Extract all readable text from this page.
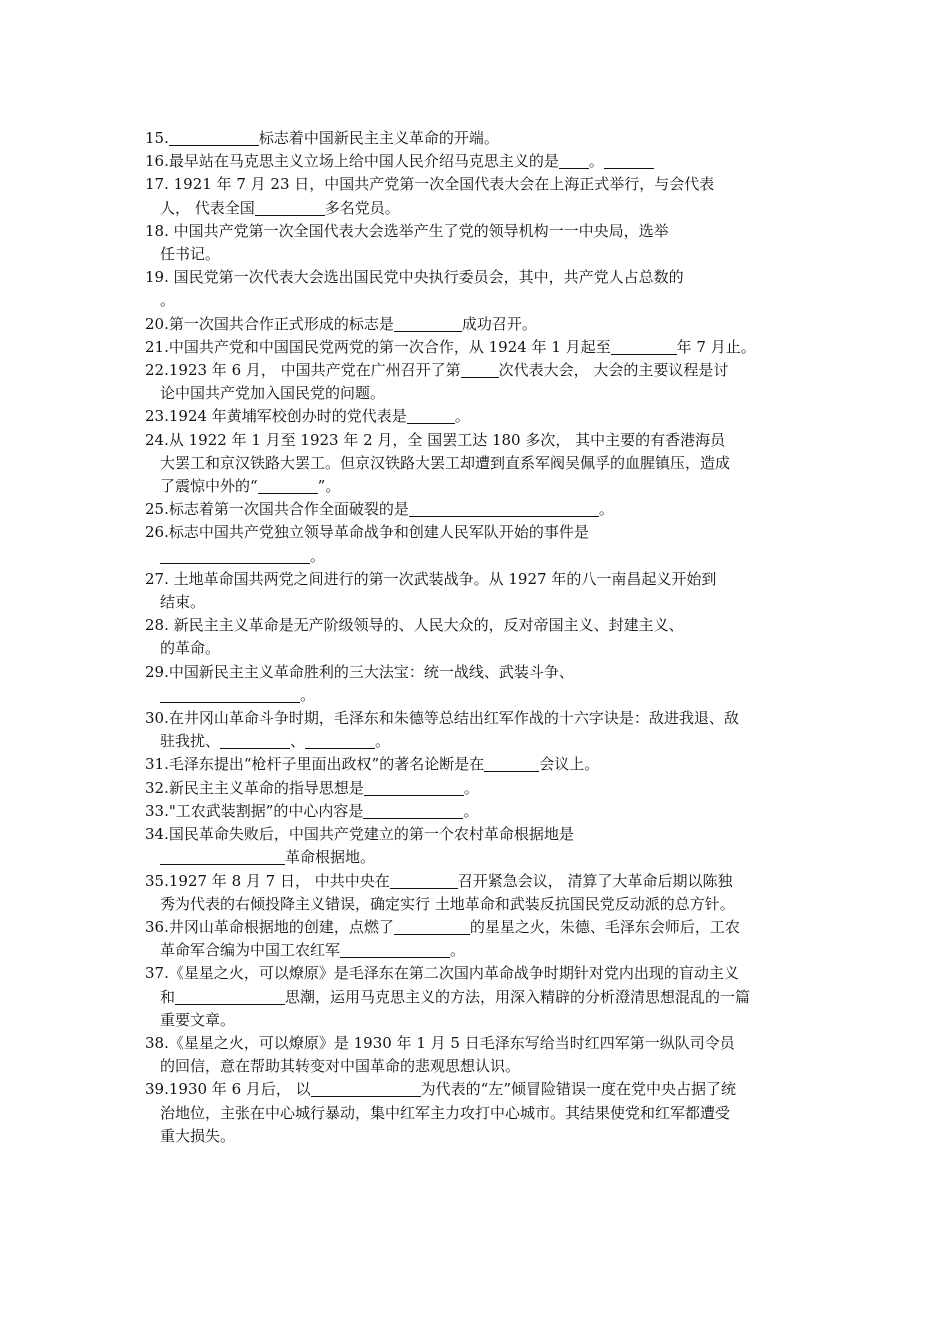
15.	标志着中国新民主主义革命的开端。
16.最早站在马克思主义立场上给中国人民介绍马克思主义的是 。
17. 1921 年 7 月 23 日，中国共产党第一次全国代表大会在上海正式举行，与会代表
人， 代表全国	多名党员。
18. 中国共产党第一次全国代表大会选举产生了党的领导机构一一中央局，选举
任书记。
19. 国民党第一次代表大会选出国民党中央执行委员会，其中，共产党人占总数的
。
20.第一次国共合作正式形成的标志是	成功召开。
21.中国共产党和中国国民党两党的第一次合作，从 1924 年 1 月起至	年 7 月止。
22.1923 年 6 月， 中国共产党在广州召开了第	次代表大会， 大会的主要议程是讨
论中国共产党加入国民党的问题。
23.1924 年黄埔军校创办时的党代表是	。
24.从 1922 年 1 月至 1923 年 2 月，全 国罢工达 180 多次， 其中主要的有香港海员
大罢工和京汉铁路大罢工。但京汉铁路大罢工却遭到直系军阀吴佩孚的血腥镇压，造成
了震惊中外的“	”。
25.标志着第一次国共合作全面破裂的是	。
26.标志中国共产党独立领导革命战争和创建人民军队开始的事件是
。
27. 土地革命国共两党之间进行的第一次武装战争。从 1927 年的八一南昌起义开始到
结束。
28. 新民主主义革命是无产阶级领导的、人民大众的，反对帝国主义、封建主义、
的革命。
29.中国新民主主义革命胜利的三大法宝：统一战线、武装斗争、
。
30.在井冈山革命斗争时期，毛泽东和朱德等总结出红军作战的十六字诀是：敌进我退、敌
驻我扰、	、	。
31.毛泽东提出“枪杆子里面出政权”的著名论断是在	会议上。
32.新民主主义革命的指导思想是	。
33."工农武装割据”的中心内容是	。
34.国民革命失败后，中国共产党建立的第一个农村革命根据地是
革命根据地。
35.1927 年 8 月 7 日， 中共中央在	召开紧急会议， 清算了大革命后期以陈独
秀为代表的右倾投降主义错误，确定实行 土地革命和武装反抗国民党反动派的总方针。
36.井冈山革命根据地的创建，点燃了	的星星之火，朱德、毛泽东会师后，工农
革命军合编为中国工农红军	。
37.《星星之火，可以燎原》是毛泽东在第二次国内革命战争时期针对党内出现的盲动主义
和	思潮，运用马克思主义的方法，用深入精辟的分析澄清思想混乱的一篇
重要文章。
38.《星星之火，可以燎原》是 1930 年 1 月 5 日毛泽东写给当时红四军第一纵队司令员
的回信，意在帮助其转变对中国革命的悲观思想认识。
39.1930 年 6 月后， 以	为代表的“左”倾冒险错误一度在党中央占据了统
治地位，主张在中心城行暴动，集中红军主力攻打中心城市。其结果使党和红军都遭受
重大损失。
